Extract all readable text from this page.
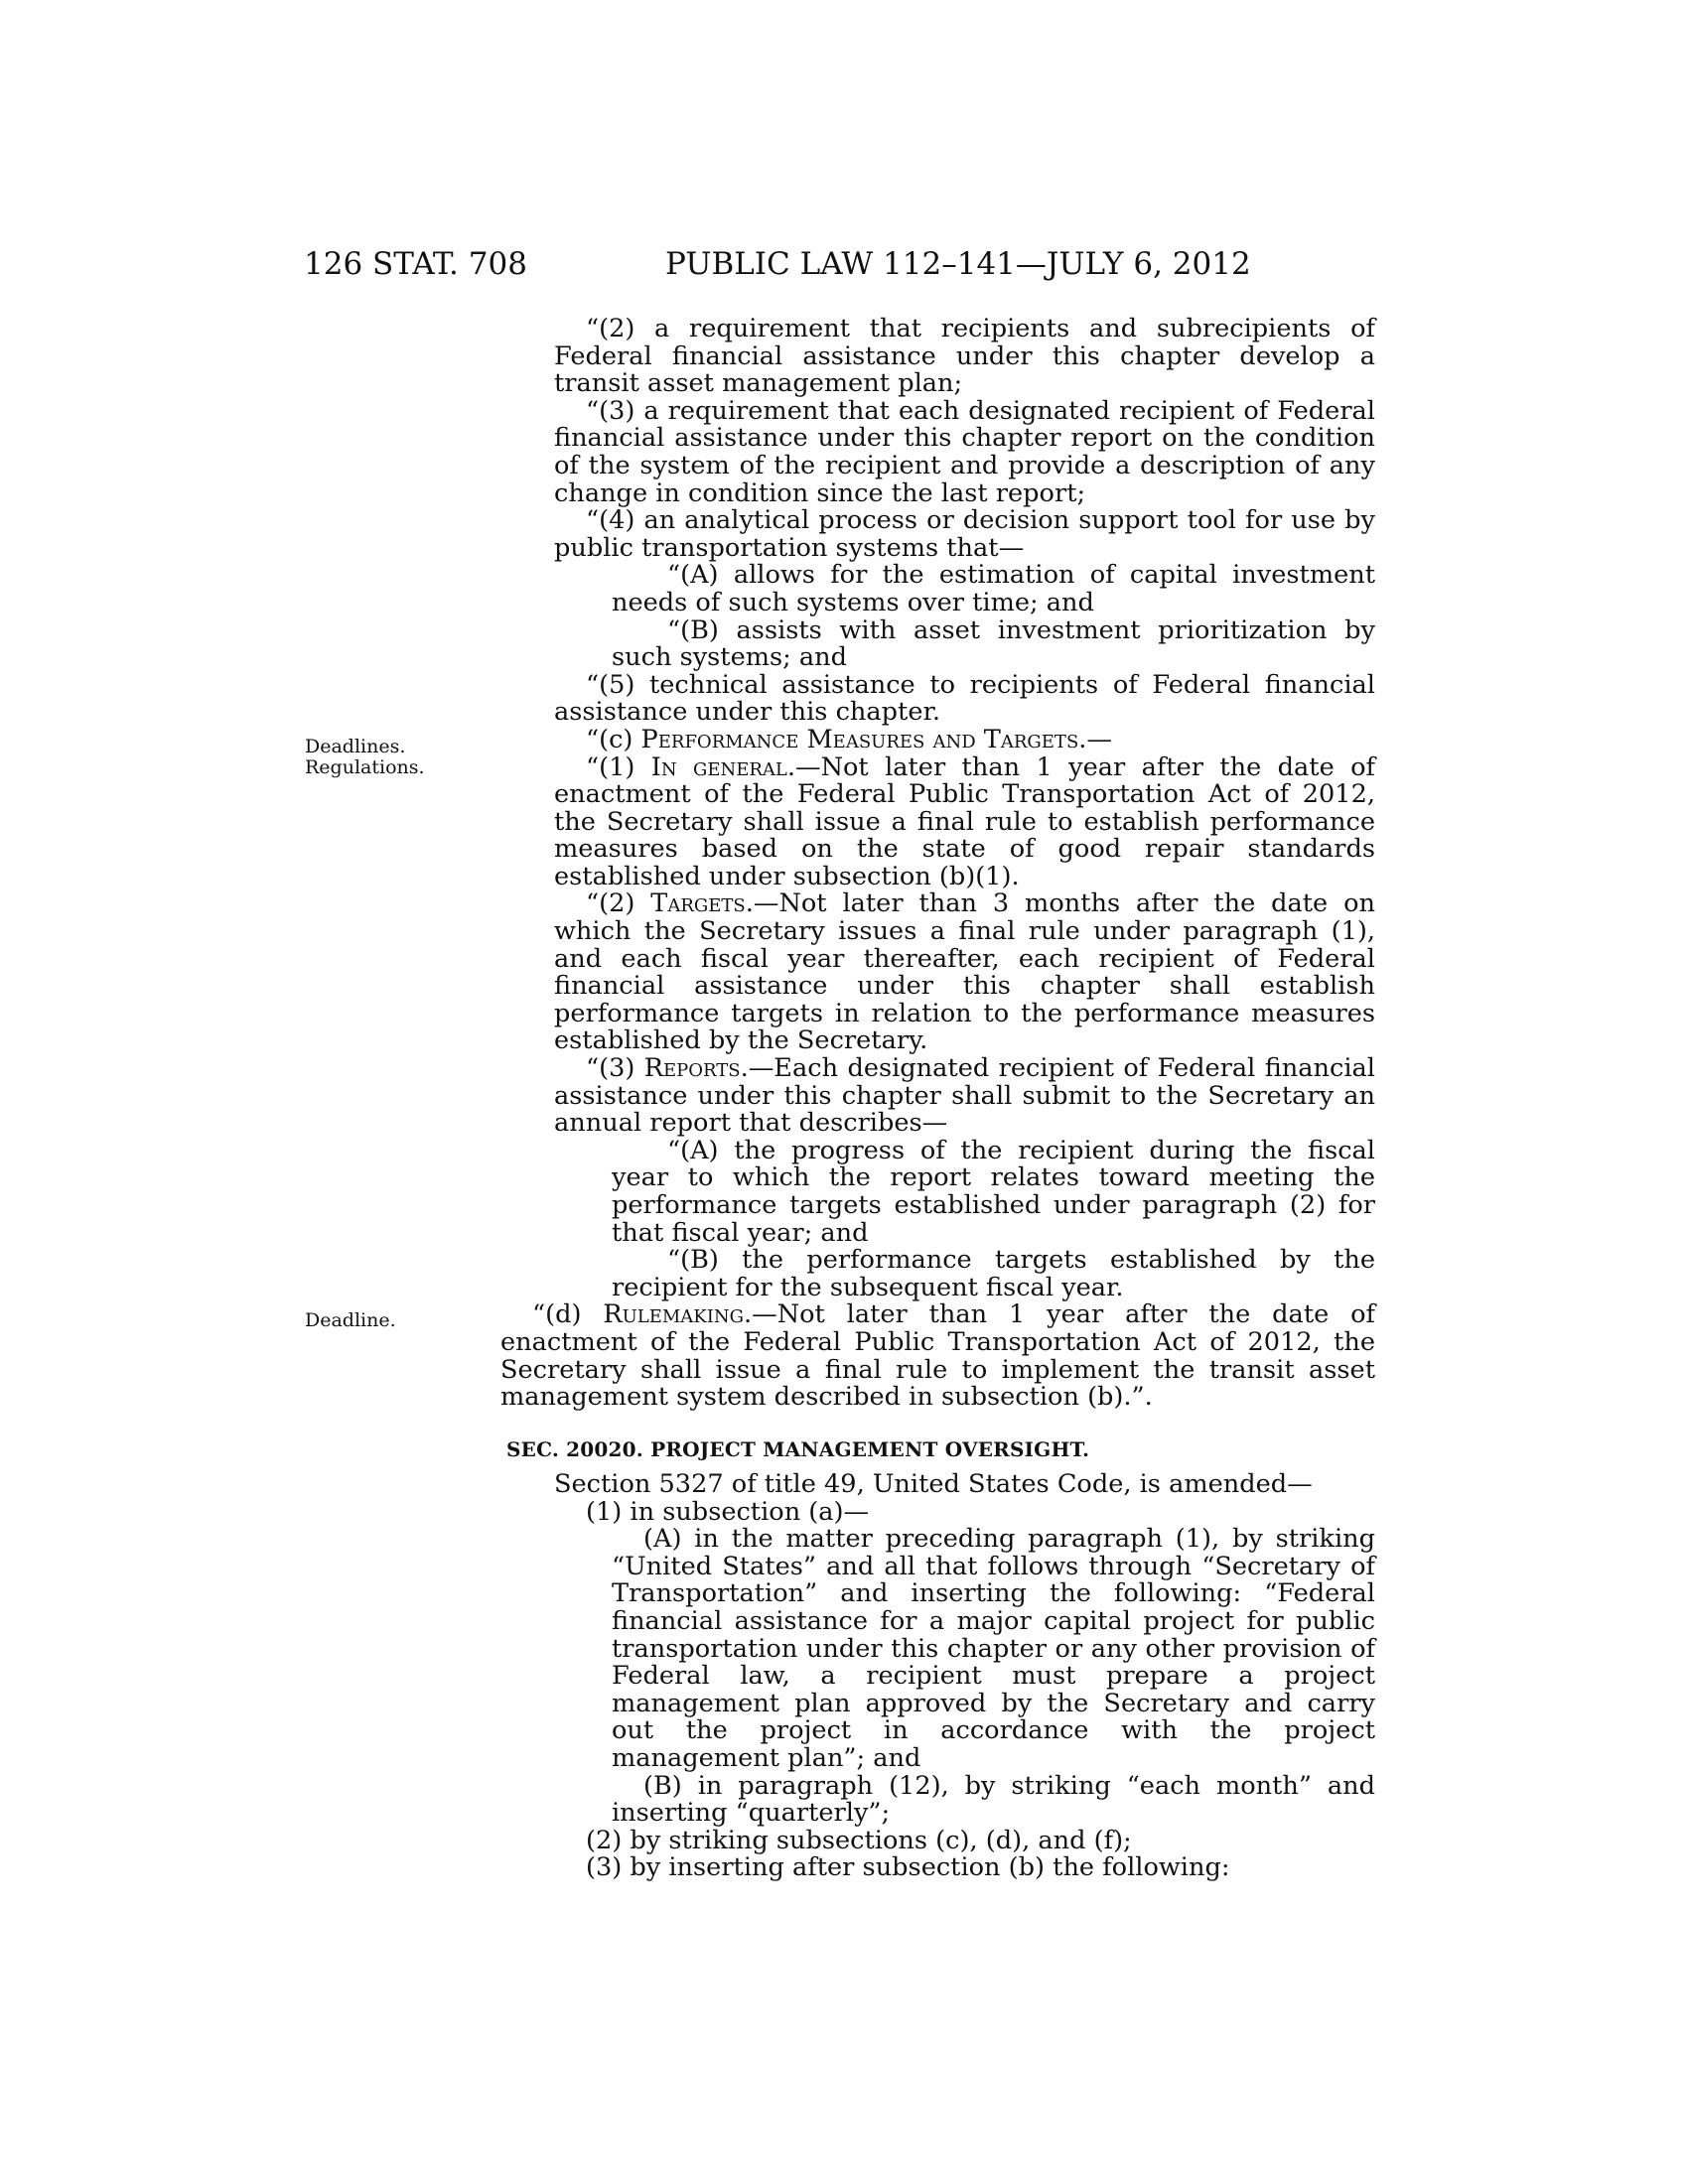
126 STAT. 708	PUBLIC LAW 112–141—JULY 6, 2012
Deadlines.
Regulations.
Deadline.

“(2) a requirement that recipients and subrecipients of Federal financial assistance under this chapter develop a transit asset management plan;

“(3) a requirement that each designated recipient of Federal financial assistance under this chapter report on the condition of the system of the recipient and provide a description of any change in condition since the last report;

“(4) an analytical process or decision support tool for use by public transportation systems that—

“(A) allows for the estimation of capital investment needs of such systems over time; and

“(B) assists with asset investment prioritization by such systems; and

“(5) technical assistance to recipients of Federal financial assistance under this chapter.

“(c) Performance Measures and Targets.—

“(1) In general.—Not later than 1 year after the date of enactment of the Federal Public Transportation Act of 2012, the Secretary shall issue a final rule to establish performance measures based on the state of good repair standards established under subsection (b)(1).

“(2) Targets.—Not later than 3 months after the date on which the Secretary issues a final rule under paragraph (1), and each fiscal year thereafter, each recipient of Federal financial assistance under this chapter shall establish performance targets in relation to the performance measures established by the Secretary.

“(3) Reports.—Each designated recipient of Federal financial assistance under this chapter shall submit to the Secretary an annual report that describes—

“(A) the progress of the recipient during the fiscal year to which the report relates toward meeting the performance targets established under paragraph (2) for that fiscal year; and

“(B) the performance targets established by the recipient for the subsequent fiscal year.

“(d) Rulemaking.—Not later than 1 year after the date of enactment of the Federal Public Transportation Act of 2012, the Secretary shall issue a final rule to implement the transit asset management system described in subsection (b).”.

SEC. 20020. PROJECT MANAGEMENT OVERSIGHT.

Section 5327 of title 49, United States Code, is amended—

(1) in subsection (a)—

(A) in the matter preceding paragraph (1), by striking “United States” and all that follows through “Secretary of Transportation” and inserting the following: “Federal financial assistance for a major capital project for public transportation under this chapter or any other provision of Federal law, a recipient must prepare a project management plan approved by the Secretary and carry out the project in accordance with the project management plan”; and

(B) in paragraph (12), by striking “each month” and inserting “quarterly”;

(2) by striking subsections (c), (d), and (f);

(3) by inserting after subsection (b) the following:
